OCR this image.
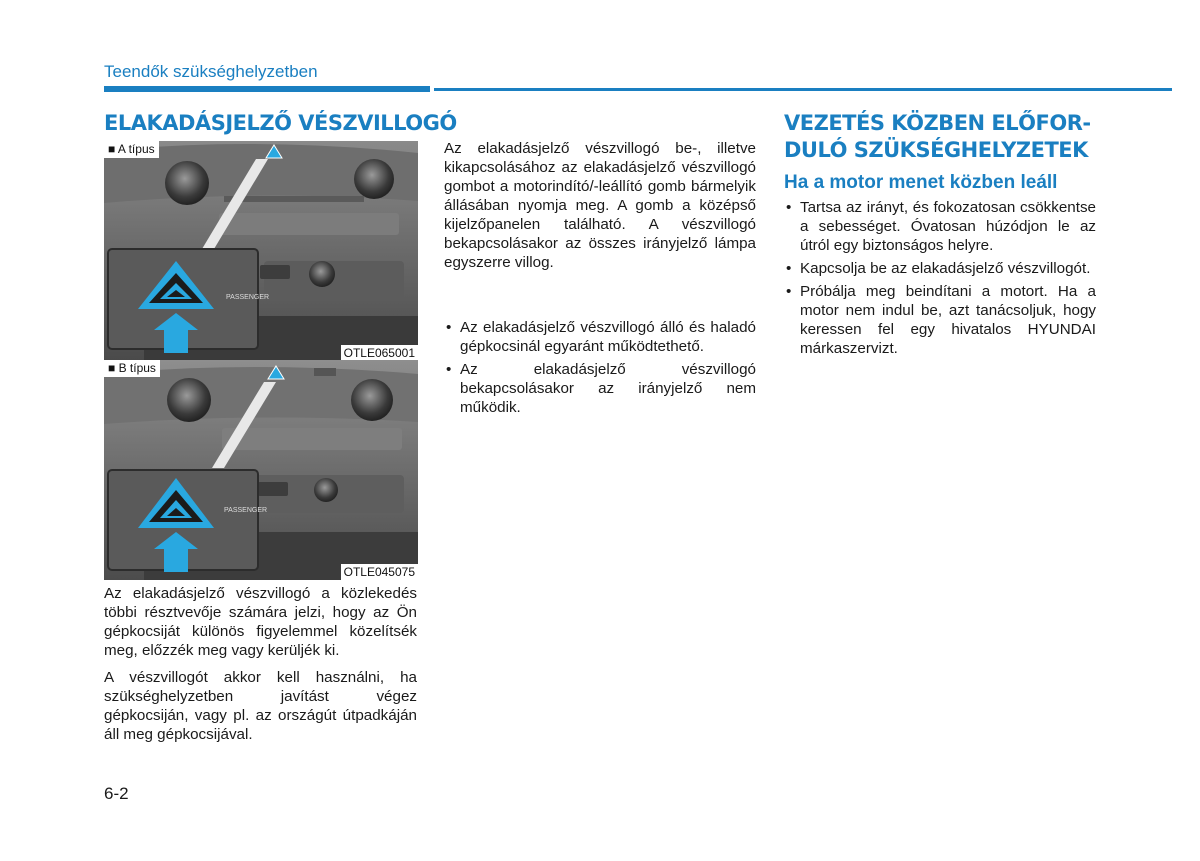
Teendők szükséghelyzetben
ELAKADÁSJELZŐ VÉSZVILLOGÓ
PASSENGER
■ A típus
OTLE065001
PASSENGER
■ B típus
OTLE045075

Az elakadásjelző vészvillogó a közlekedés többi résztvevője számára jelzi, hogy az Ön gépkocsiját különös figyelemmel közelítsék meg, előzzék meg vagy kerüljék ki.

A vészvillogót akkor kell használni, ha szükséghelyzetben javítást végez gépkocsiján, vagy pl. az országút útpadkáján áll meg gépkocsijával.

Az elakadásjelző vészvillogó be-, illetve kikapcsolásához az elakadásjelző vészvillogó gombot a motorindító/-leállító gomb bármelyik állásában nyomja meg. A gomb a középső kijelzőpanelen található. A vészvillogó bekapcsolásakor az összes irányjelző lámpa egyszerre villog.

• Az elakadásjelző vészvillogó álló és haladó gépkocsinál egyaránt működtethető.
• Az elakadásjelző vészvillogó bekapcsolásakor az irányjelző nem működik.
VEZETÉS KÖZBEN ELŐFOR-
DULÓ SZÜKSÉGHELYZETEK
Ha a motor menet közben leáll
• Tartsa az irányt, és fokozatosan csökkentse a sebességet. Óvatosan húzódjon le az útról egy biztonságos helyre.
• Kapcsolja be az elakadásjelző vészvillogót.
• Próbálja meg beindítani a motort. Ha a motor nem indul be, azt tanácsoljuk, hogy keressen fel egy hivatalos HYUNDAI márkaszervizt.
6-2
